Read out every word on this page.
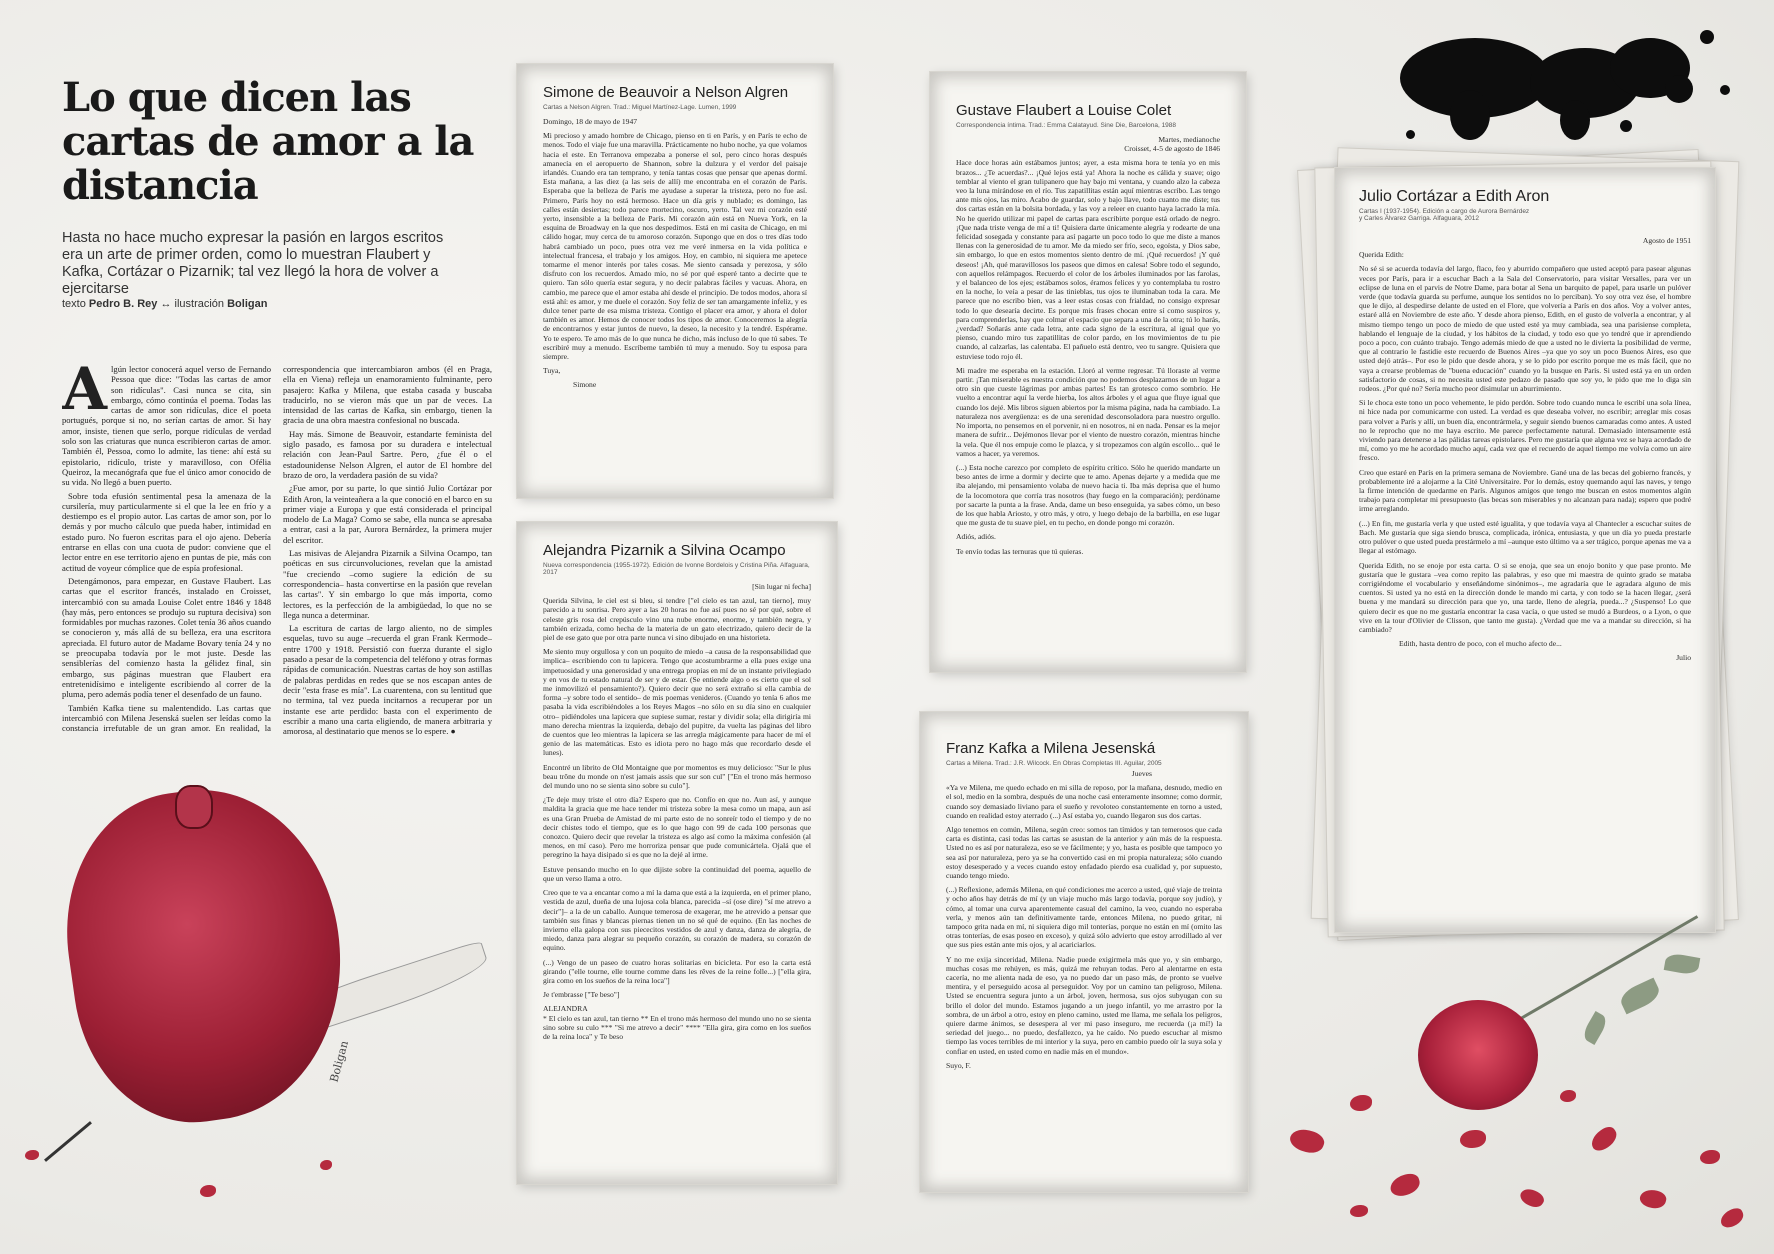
Lo que dicen las cartas de amor a la distancia

Hasta no hace mucho expresar la pasión en largos escritos era un arte de primer orden, como lo muestran Flaubert y Kafka, Cortázar o Pizarnik; tal vez llegó la hora de volver a ejercitarse

texto Pedro B. Rey ↔ ilustración Boligan

Algún lector conocerá aquel verso de Fernando Pessoa que dice: "Todas las cartas de amor son ridículas". Casi nunca se cita, sin embargo, cómo continúa el poema. Todas las cartas de amor son ridículas, dice el poeta portugués, porque si no, no serían cartas de amor. Si hay amor, insiste, tienen que serlo, porque ridículas de verdad solo son las criaturas que nunca escribieron cartas de amor. También él, Pessoa, como lo admite, las tiene: ahí está su epistolario, ridículo, triste y maravilloso, con Ofélia Queiroz, la mecanógrafa que fue el único amor conocido de su vida. No llegó a buen puerto.

Sobre toda efusión sentimental pesa la amenaza de la cursilería, muy particularmente si el que la lee en frío y a destiempo es el propio autor. Las cartas de amor son, por lo demás y por mucho cálculo que pueda haber, intimidad en estado puro. No fueron escritas para el ojo ajeno. Debería entrarse en ellas con una cuota de pudor: conviene que el lector entre en ese territorio ajeno en puntas de pie, más con actitud de voyeur cómplice que de espía profesional.

Detengámonos, para empezar, en Gustave Flaubert. Las cartas que el escritor francés, instalado en Croisset, intercambió con su amada Louise Colet entre 1846 y 1848 (hay más, pero entonces se produjo su ruptura decisiva) son formidables por muchas razones. Colet tenía 36 años cuando se conocieron y, más allá de su belleza, era una escritora apreciada. El futuro autor de Madame Bovary tenía 24 y no se preocupaba todavía por le mot juste. Desde las sensiblerías del comienzo hasta la gélidez final, sin embargo, sus páginas muestran que Flaubert era entretenidísimo e inteligente escribiendo al correr de la pluma, pero además podía tener el desenfado de un fauno.

También Kafka tiene su malentendido. Las cartas que intercambió con Milena Jesenská suelen ser leídas como la constancia irrefutable de un gran amor. En realidad, la correspondencia que intercambiaron ambos (él en Praga, ella en Viena) refleja un enamoramiento fulminante, pero pasajero: Kafka y Milena, que estaba casada y buscaba traducirlo, no se vieron más que un par de veces. La intensidad de las cartas de Kafka, sin embargo, tienen la gracia de una obra maestra confesional no buscada.

Hay más. Simone de Beauvoir, estandarte feminista del siglo pasado, es famosa por su duradera e intelectual relación con Jean-Paul Sartre. Pero, ¿fue él o el estadounidense Nelson Algren, el autor de El hombre del brazo de oro, la verdadera pasión de su vida?

¿Fue amor, por su parte, lo que sintió Julio Cortázar por Edith Aron, la veinteañera a la que conoció en el barco en su primer viaje a Europa y que está considerada el principal modelo de La Maga? Como se sabe, ella nunca se apresaba a entrar, casi a la par, Aurora Bernárdez, la primera mujer del escritor.

Las misivas de Alejandra Pizarnik a Silvina Ocampo, tan poéticas en sus circunvoluciones, revelan que la amistad "fue creciendo –como sugiere la edición de su correspondencia– hasta convertirse en la pasión que revelan las cartas". Y sin embargo lo que más importa, como lectores, es la perfección de la ambigüedad, lo que no se llega nunca a determinar.

La escritura de cartas de largo aliento, no de simples esquelas, tuvo su auge –recuerda el gran Frank Kermode– entre 1700 y 1918. Persistió con fuerza durante el siglo pasado a pesar de la competencia del teléfono y otras formas rápidas de comunicación. Nuestras cartas de hoy son astillas de palabras perdidas en redes que se nos escapan antes de decir "esta frase es mía". La cuarentena, con su lentitud que no termina, tal vez pueda incitarnos a recuperar por un instante ese arte perdido: basta con el experimento de escribir a mano una carta eligiendo, de manera arbitraria y amorosa, al destinatario que menos se lo espere. ●

Boligan
Simone de Beauvoir a Nelson Algren
Cartas a Nelson Algren. Trad.: Miguel Martínez-Lage. Lumen, 1999

Domingo, 18 de mayo de 1947

Mi precioso y amado hombre de Chicago, pienso en ti en París, y en París te echo de menos. Todo el viaje fue una maravilla. Prácticamente no hubo noche, ya que volamos hacia el este. En Terranova empezaba a ponerse el sol, pero cinco horas después amanecía en el aeropuerto de Shannon, sobre la dulzura y el verdor del paisaje irlandés. Cuando era tan temprano, y tenía tantas cosas que pensar que apenas dormí. Esta mañana, a las diez (a las seis de allí) me encontraba en el corazón de París. Esperaba que la belleza de París me ayudase a superar la tristeza, pero no fue así. Primero, París hoy no está hermoso. Hace un día gris y nublado; es domingo, las calles están desiertas; todo parece mortecino, oscuro, yerto. Tal vez mi corazón esté yerto, insensible a la belleza de París. Mi corazón aún está en Nueva York, en la esquina de Broadway en la que nos despedimos. Está en mi casita de Chicago, en mi cálido hogar, muy cerca de tu amoroso corazón. Supongo que en dos o tres días todo habrá cambiado un poco, pues otra vez me veré inmersa en la vida política e intelectual francesa, el trabajo y los amigos. Hoy, en cambio, ni siquiera me apetece tomarme el menor interés por tales cosas. Me siento cansada y perezosa, y sólo disfruto con los recuerdos. Amado mío, no sé por qué esperé tanto a decirte que te quiero. Tan sólo quería estar segura, y no decir palabras fáciles y vacuas. Ahora, en cambio, me parece que el amor estaba ahí desde el principio. De todos modos, ahora sí está ahí: es amor, y me duele el corazón. Soy feliz de ser tan amargamente infeliz, y es dulce tener parte de esa misma tristeza. Contigo el placer era amor, y ahora el dolor también es amor. Hemos de conocer todos los tipos de amor. Conoceremos la alegría de encontrarnos y estar juntos de nuevo, la deseo, la necesito y la tendré. Espérame. Yo te espero. Te amo más de lo que nunca he dicho, más incluso de lo que tú sabes. Te escribiré muy a menudo. Escríbeme también tú muy a menudo. Soy tu esposa para siempre.

Tuya,

Simone

Alejandra Pizarnik a Silvina Ocampo
Nueva correspondencia (1955-1972). Edición de Ivonne Bordelois y Cristina Piña. Alfaguara, 2017

[Sin lugar ni fecha]

Querida Silvina, le ciel est si bleu, si tendre ["el cielo es tan azul, tan tierno], muy parecido a tu sonrisa. Pero ayer a las 20 horas no fue así pues no sé por qué, sobre el celeste gris rosa del crepúsculo vino una nube enorme, enorme, y también negra, y también erizada, como hecha de la materia de un gato electrizado, quiero decir de la piel de ese gato que por otra parte nunca vi sino dibujado en una historieta.

Me siento muy orgullosa y con un poquito de miedo –a causa de la responsabilidad que implica– escribiendo con tu lapicera. Tengo que acostumbrarme a ella pues exige una impetuosidad y una generosidad y una entrega propias en mí de un instante privilegiado y en vos de tu estado natural de ser y de estar. (Se entiende algo o es cierto que el sol me inmovilizó el pensamiento?). Quiero decir que no será extraño si ella cambia de forma –y sobre todo el sentido– de mis poemas venideros. (Cuando yo tenía 6 años me pasaba la vida escribiéndoles a los Reyes Magos –no sólo en su día sino en cualquier otro– pidiéndoles una lapicera que supiese sumar, restar y dividir sola; ella dirigiría mi mano derecha mientras la izquierda, debajo del pupitre, da vuelta las páginas del libro de cuentos que leo mientras la lapicera se las arregla mágicamente para hacer de mí el genio de las matemáticas. Esto es idiota pero no hago más que recordarlo desde el lunes).

Encontré un librito de Old Montaigne que por momentos es muy delicioso: "Sur le plus beau trône du monde on n'est jamais assis que sur son cul" ["En el trono más hermoso del mundo uno no se sienta sino sobre su culo"].

¿Te deje muy triste el otro día? Espero que no. Confío en que no. Aun así, y aunque maldita la gracia que me hace tender mi tristeza sobre la mesa como un mapa, aun así es una Gran Prueba de Amistad de mi parte esto de no sonreír todo el tiempo y de no decir chistes todo el tiempo, que es lo que hago con 99 de cada 100 personas que conozco. Quiero decir que revelar la tristeza es algo así como la máxima confesión (al menos, en mí caso). Pero me horroriza pensar que pude comunicártela. Ojalá que el peregrino la haya disipado si es que no la dejé al irme.

Estuve pensando mucho en lo que dijiste sobre la continuidad del poema, aquello de que un verso llama a otro.

Creo que te va a encantar como a mí la dama que está a la izquierda, en el primer plano, vestida de azul, dueña de una lujosa cola blanca, parecida –sí (ose dire) "sí me atrevo a decir"]– a la de un caballo. Aunque temerosa de exagerar, me he atrevido a pensar que también sus finas y blancas piernas tienen un no sé qué de equino. (En las noches de invierno ella galopa con sus piececitos vestidos de azul y danza, danza de alegría, de miedo, danza para alegrar su pequeño corazón, su corazón de madera, su corazón de equino.

(...) Vengo de un paseo de cuatro horas solitarias en bicicleta. Por eso la carta está girando ("elle tourne, elle tourne comme dans les rêves de la reine folle...) ["ella gira, gira como en los sueños de la reina loca"]

Je t'embrasse ["Te beso"]

ALEJANDRA

* El cielo es tan azul, tan tierno ** En el trono más hermoso del mundo uno no se sienta sino sobre su culo *** "Si me atrevo a decir" **** "Ella gira, gira como en los sueños de la reina loca" y Te beso

Gustave Flaubert a Louise Colet
Correspondencia íntima. Trad.: Emma Calatayud. Sine Die, Barcelona, 1988

Martes, medianoche

Croisset, 4-5 de agosto de 1846

Hace doce horas aún estábamos juntos; ayer, a esta misma hora te tenía yo en mis brazos... ¿Te acuerdas?... ¡Qué lejos está ya! Ahora la noche es cálida y suave; oigo temblar al viento el gran tulipanero que hay bajo mi ventana, y cuando alzo la cabeza veo la luna mirándose en el río. Tus zapatillitas están aquí mientras escribo. Las tengo ante mis ojos, las miro. Acabo de guardar, solo y bajo llave, todo cuanto me diste; tus dos cartas están en la bolsita bordada, y las voy a releer en cuanto haya lacrado la mía. No he querido utilizar mi papel de cartas para escribirte porque está orlado de negro. ¡Que nada triste venga de mí a ti! Quisiera darte únicamente alegría y rodearte de una felicidad sosegada y constante para así pagarte un poco todo lo que me diste a manos llenas con la generosidad de tu amor. Me da miedo ser frío, seco, egoísta, y Dios sabe, sin embargo, lo que en estos momentos siento dentro de mí. ¡Qué recuerdos! ¡Y qué deseos! ¡Ah, qué maravillosos los paseos que dimos en calesa! Sobre todo el segundo, con aquellos relámpagos. Recuerdo el color de los árboles iluminados por las farolas, y el balanceo de los ejes; estábamos solos, éramos felices y yo contemplaba tu rostro en la noche, lo veía a pesar de las tinieblas, tus ojos te iluminaban toda la cara. Me parece que no escribo bien, vas a leer estas cosas con frialdad, no consigo expresar todo lo que desearía decirte. Es porque mis frases chocan entre sí como suspiros y, para comprenderlas, hay que colmar el espacio que separa a una de la otra; tú lo harás, ¿verdad? Soñarás ante cada letra, ante cada signo de la escritura, al igual que yo pienso, cuando miro tus zapatillitas de color pardo, en los movimientos de tu pie cuando, al calzarlas, las calentaba. El pañuelo está dentro, veo tu sangre. Quisiera que estuviese todo rojo él.

Mi madre me esperaba en la estación. Lloró al verme regresar. Tú lloraste al verme partir. ¡Tan miserable es nuestra condición que no podemos desplazarnos de un lugar a otro sin que cueste lágrimas por ambas partes! Es tan grotesco como sombrío. He vuelto a encontrar aquí la verde hierba, los altos árboles y el agua que fluye igual que cuando los dejé. Mis libros siguen abiertos por la misma página, nada ha cambiado. La naturaleza nos avergüenza: es de una serenidad desconsoladora para nuestro orgullo. No importa, no pensemos en el porvenir, ni en nosotros, ni en nada. Pensar es la mejor manera de sufrir... Dejémonos llevar por el viento de nuestro corazón, mientras hinche la vela. Que él nos empuje como le plazca, y si tropezamos con algún escollo... qué le vamos a hacer, ya veremos.

(...) Esta noche carezco por completo de espíritu crítico. Sólo he querido mandarte un beso antes de irme a dormir y decirte que te amo. Apenas dejarte y a medida que me iba alejando, mi pensamiento volaba de nuevo hacia ti. Iba más deprisa que el humo de la locomotora que corría tras nosotros (hay fuego en la comparación); perdóname por sacarte la punta a la frase. Anda, dame un beso enseguida, ya sabes cómo, un beso de los que habla Ariosto, y otro más, y otro, y luego debajo de la barbilla, en ese lugar que me gusta de tu suave piel, en tu pecho, en donde pongo mi corazón.

Adiós, adiós.

Te envío todas las ternuras que tú quieras.

Franz Kafka a Milena Jesenská
Cartas a Milena. Trad.: J.R. Wilcock. En Obras Completas III. Aguilar, 2005

Jueves

«Ya ve Milena, me quedo echado en mi silla de reposo, por la mañana, desnudo, medio en el sol, medio en la sombra, después de una noche casi enteramente insomne; como dormir, cuando soy demasiado liviano para el sueño y revoloteo constantemente en torno a usted, cuando en realidad estoy aterrado (...) Así estaba yo, cuando llegaron sus dos cartas.

Algo tenemos en común, Milena, según creo: somos tan tímidos y tan temerosos que cada carta es distinta, casi todas las cartas se asustan de la anterior y aún más de la respuesta. Usted no es así por naturaleza, eso se ve fácilmente; y yo, hasta es posible que tampoco yo sea así por naturaleza, pero ya se ha convertido casi en mi propia naturaleza; sólo cuando estoy desesperado y a veces cuando estoy enfadado pierdo esa cualidad y, por supuesto, cuando tengo miedo.

(...) Reflexione, además Milena, en qué condiciones me acerco a usted, qué viaje de treinta y ocho años hay detrás de mí (y un viaje mucho más largo todavía, porque soy judío), y cómo, al tomar una curva aparentemente casual del camino, la veo, cuando no esperaba verla, y menos aún tan definitivamente tarde, entonces Milena, no puedo gritar, ni tampoco grita nada en mí, ni siquiera digo mil tonterías, porque no están en mí (omito las otras tonterías, de esas poseo en exceso), y quizá sólo advierto que estoy arrodillado al ver que sus pies están ante mis ojos, y al acariciarlos.

Y no me exija sinceridad, Milena. Nadie puede exigirmela más que yo, y sin embargo, muchas cosas me rehúyen, es más, quizá me rehuyan todas. Pero al alentarme en esta cacería, no me alienta nada de eso, ya no puedo dar un paso más, de pronto se vuelve mentira, y el perseguido acosa al perseguidor. Voy por un camino tan peligroso, Milena. Usted se encuentra segura junto a un árbol, joven, hermosa, sus ojos subyugan con su brillo el dolor del mundo. Estamos jugando a un juego infantil, yo me arrastro por la sombra, de un árbol a otro, estoy en pleno camino, usted me llama, me señala los peligros, quiere darme ánimos, se desespera al ver mi paso inseguro, me recuerda (¡a mí!) la seriedad del juego... no puedo, desfallezco, ya he caído. No puedo escuchar al mismo tiempo las voces terribles de mi interior y la suya, pero en cambio puedo oír la suya sola y confiar en usted, en usted como en nadie más en el mundo».

Suyo, F.

Julio Cortázar a Edith Aron
Cartas I (1937-1954). Edición a cargo de Aurora Bernárdez
y Carles Álvarez Garriga. Alfaguara, 2012

Agosto de 1951

Querida Edith:

No sé si se acuerda todavía del largo, flaco, feo y aburrido compañero que usted aceptó para pasear algunas veces por París, para ir a escuchar Bach a la Sala del Conservatorio, para visitar Versalles, para ver un eclipse de luna en el parvis de Notre Dame, para botar al Sena un barquito de papel, para usarle un pulóver verde (que todavía guarda su perfume, aunque los sentidos no lo perciban). Yo soy otra vez ése, el hombre que le dijo, al despedirse delante de usted en el Flore, que volvería a París en dos años. Voy a volver antes, estaré allá en Noviembre de este año. Y desde ahora pienso, Edith, en el gusto de volverla a encontrar, y al mismo tiempo tengo un poco de miedo de que usted esté ya muy cambiada, sea una parisiense completa, hablando el lenguaje de la ciudad, y los hábitos de la ciudad, y todo eso que yo tendré que ir aprendiendo poco a poco, con cuánto trabajo. Tengo además miedo de que a usted no le divierta la posibilidad de verme, que al contrario le fastidie este recuerdo de Buenos Aires –ya que yo soy un poco Buenos Aires, eso que usted dejó atrás–. Por eso le pido que desde ahora, y se lo pido por escrito porque me es más fácil, que no vaya a crearse problemas de "buena educación" cuando yo la busque en París. Si usted está ya en un orden satisfactorio de cosas, si no necesita usted este pedazo de pasado que soy yo, le pido que me lo diga sin rodeos. ¿Por qué no? Sería mucho peor disimular un aburrimiento.

Si le choca este tono un poco vehemente, le pido perdón. Sobre todo cuando nunca le escribí una sola línea, ni hice nada por comunicarme con usted. La verdad es que deseaba volver, no escribir; arreglar mis cosas para volver a París y allí, un buen día, encontrármela, y seguir siendo buenos camaradas como antes. A usted no le reprocho que no me haya escrito. Me parece perfectamente natural. Demasiado intensamente está viviendo para detenerse a las pálidas tareas epistolares. Pero me gustaría que alguna vez se haya acordado de mí, como yo me he acordado mucho aquí, cada vez que el recuerdo de aquel tiempo me volvía como un aire fresco.

Creo que estaré en París en la primera semana de Noviembre. Gané una de las becas del gobierno francés, y probablemente iré a alojarme a la Cité Universitaire. Por lo demás, estoy quemando aquí las naves, y tengo la firme intención de quedarme en París. Algunos amigos que tengo me buscan en estos momentos algún trabajo para completar mi presupuesto (las becas son miserables y no alcanzan para nada); espero que podré irme arreglando.

(...) En fin, me gustaría verla y que usted esté igualita, y que todavía vaya al Chantecler a escuchar suites de Bach. Me gustaría que siga siendo brusca, complicada, irónica, entusiasta, y que un día yo pueda prestarle otro pulóver o que usted pueda prestármelo a mí –aunque esto último va a ser trágico, porque apenas me va a llegar al estómago.

Querida Edith, no se enoje por esta carta. O si se enoja, que sea un enojo bonito y que pase pronto. Me gustaría que le gustara –vea como repito las palabras, y eso que mi maestra de quinto grado se mataba corrigiéndome el vocabulario y enseñándome sinónimos–, me agradaría que le agradara alguno de mis cuentos. Si usted ya no está en la dirección donde le mando mi carta, y con todo se la hacen llegar, ¿será buena y me mandará su dirección para que yo, una tarde, lleno de alegría, pueda...? ¿Suspenso! Lo que quiero decir es que no me gustaría encontrar la casa vacía, o que usted se mudó a Burdeos, o a Lyon, o que vive en la tour d'Olivier de Clisson, que tanto me gusta). ¿Verdad que me va a mandar su dirección, si ha cambiado?

Edith, hasta dentro de poco, con el mucho afecto de...

Julio
